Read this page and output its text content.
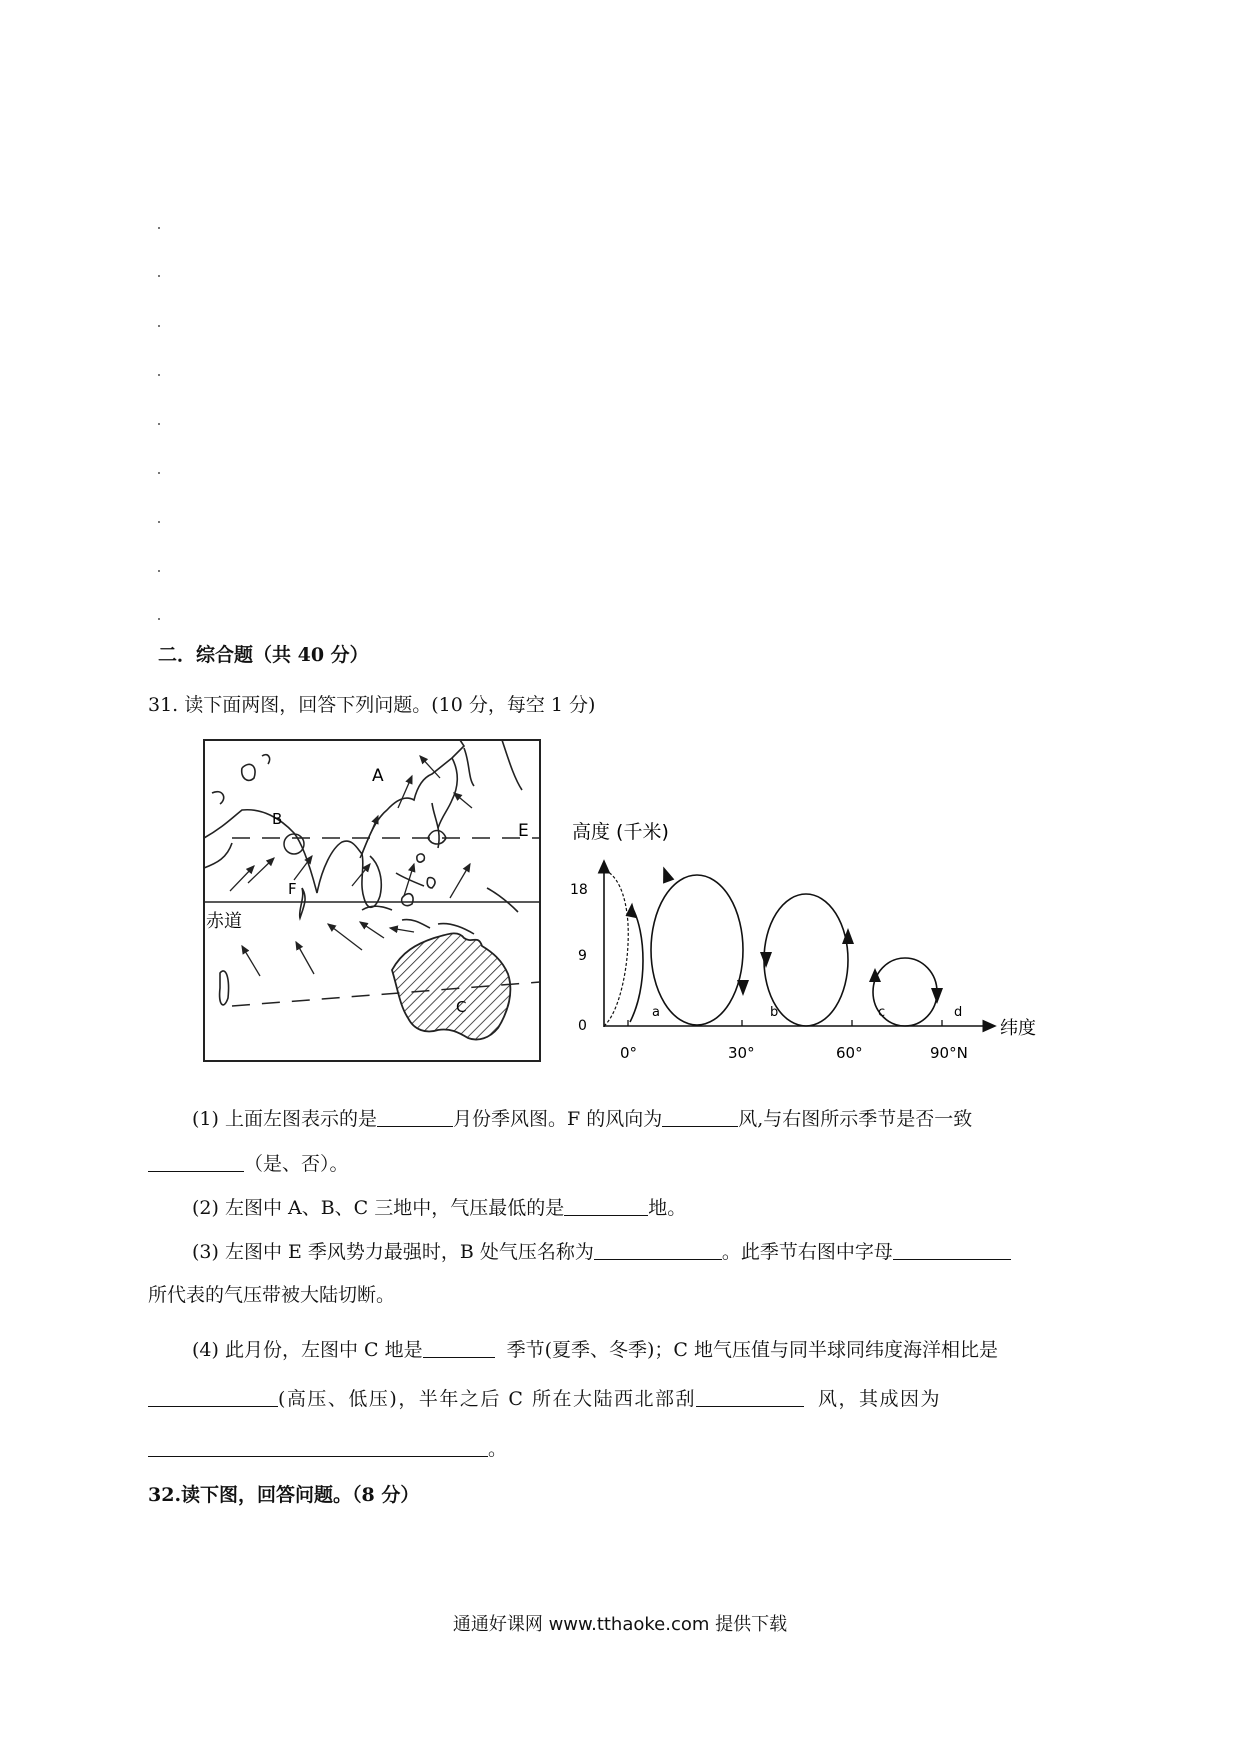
二．综合题（共 40 分）
31. 读下面两图，回答下列问题。(10 分，每空 1 分)
A
B
E
F
C
赤道
高度 (千米)
纬度
18
9
0
0°	30°	60°	90°N
a	b	c	d
(1) 上面左图表示的是	月份季风图。F 的风向为	风,与右图所示季节是否一致
（是、否）。
(2) 左图中 A、B、C 三地中，气压最低的是	地。
(3) 左图中 E 季风势力最强时，B 处气压名称为	。此季节右图中字母
所代表的气压带被大陆切断。
(4) 此月份，左图中 C 地是	季节(夏季、冬季)；C 地气压值与同半球同纬度海洋相比是
(高压、低压)，半年之后 C 所在大陆西北部刮	风，其成因为
。
32.读下图，回答问题。（8 分）
通通好课网 www.tthaoke.com 提供下载
